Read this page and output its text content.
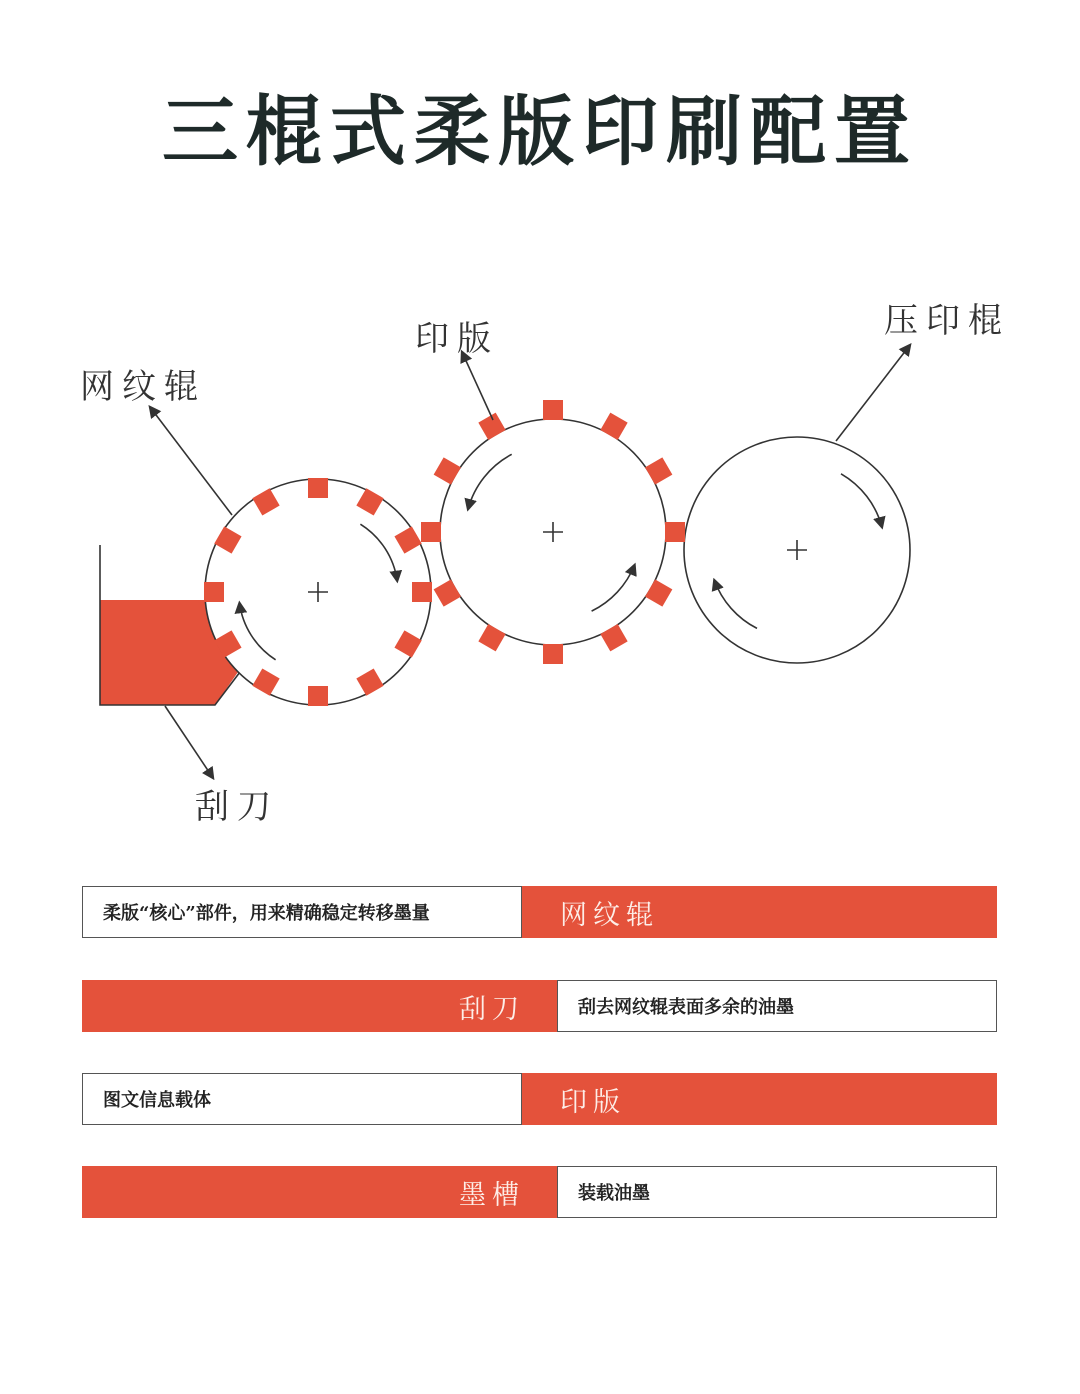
三棍式柔版印刷配置
网纹辊
印版	压印棍
刮刀
柔版“核心”部件，用来精确稳定转移墨量	网纹辊
刮刀	刮去网纹辊表面多余的油墨
图文信息载体	印版
墨槽	装载油墨
